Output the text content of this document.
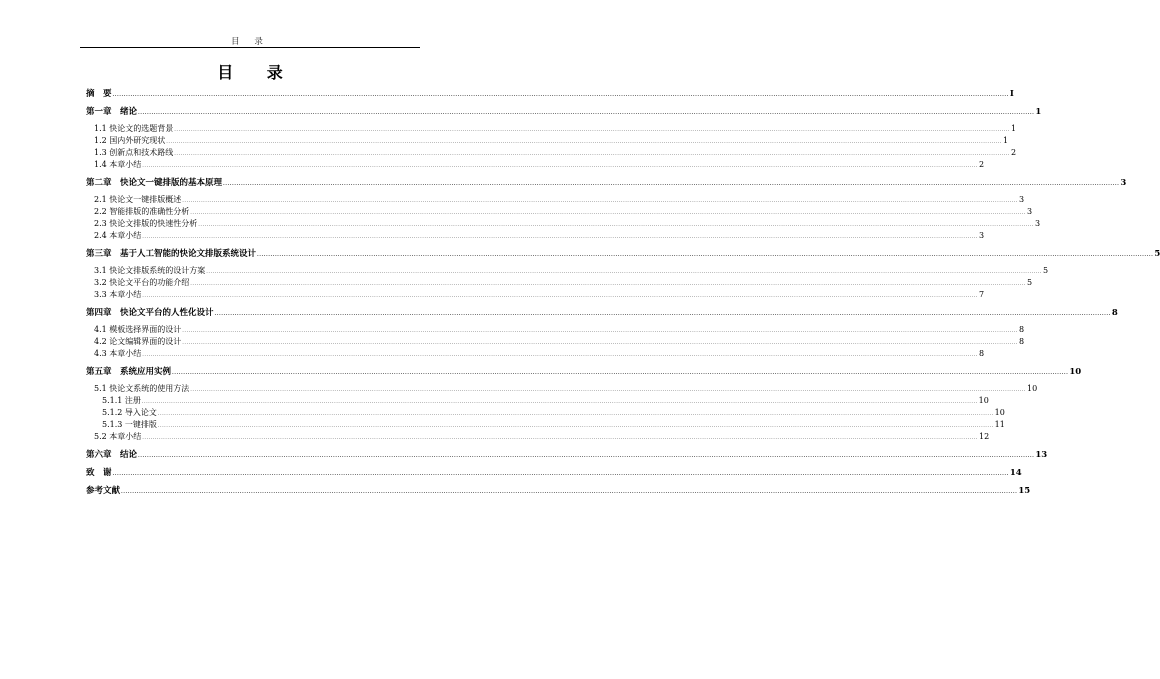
目 录
目 录
摘　要 ................................................................................................................................................................................................................................................................................................................................................................................................................ I
第一章　绪论 ................................................................................................................................................................................................................................................................................................................................................................................................................ 1
1.1 快论文的选题背景 ................................................................................................................................................................................................................................................................................................................................................................................................................ 1
1.2 国内外研究现状 ................................................................................................................................................................................................................................................................................................................................................................................................................ 1
1.3 创新点和技术路线 ................................................................................................................................................................................................................................................................................................................................................................................................................ 2
1.4 本章小结 ................................................................................................................................................................................................................................................................................................................................................................................................................ 2
第二章　快论文一键排版的基本原理 ................................................................................................................................................................................................................................................................................................................................................................................................................ 3
2.1 快论文一键排版概述 ................................................................................................................................................................................................................................................................................................................................................................................................................ 3
2.2 智能排版的准确性分析 ................................................................................................................................................................................................................................................................................................................................................................................................................ 3
2.3 快论文排版的快速性分析 ................................................................................................................................................................................................................................................................................................................................................................................................................ 3
2.4 本章小结 ................................................................................................................................................................................................................................................................................................................................................................................................................ 3
第三章　基于人工智能的快论文排版系统设计 ................................................................................................................................................................................................................................................................................................................................................................................................................ 5
3.1 快论文排版系统的设计方案 ................................................................................................................................................................................................................................................................................................................................................................................................................ 5
3.2 快论文平台的功能介绍 ................................................................................................................................................................................................................................................................................................................................................................................................................ 5
3.3 本章小结 ................................................................................................................................................................................................................................................................................................................................................................................................................ 7
第四章　快论文平台的人性化设计 ................................................................................................................................................................................................................................................................................................................................................................................................................ 8
4.1 模板选择界面的设计 ................................................................................................................................................................................................................................................................................................................................................................................................................ 8
4.2 论文编辑界面的设计 ................................................................................................................................................................................................................................................................................................................................................................................................................ 8
4.3 本章小结 ................................................................................................................................................................................................................................................................................................................................................................................................................ 8
第五章　系统应用实例 ................................................................................................................................................................................................................................................................................................................................................................................................................ 10
5.1 快论文系统的使用方法 ................................................................................................................................................................................................................................................................................................................................................................................................................ 10
5.1.1 注册 ................................................................................................................................................................................................................................................................................................................................................................................................................ 10
5.1.2 导入论文 ................................................................................................................................................................................................................................................................................................................................................................................................................ 10
5.1.3 一键排版 ................................................................................................................................................................................................................................................................................................................................................................................................................ 11
5.2 本章小结 ................................................................................................................................................................................................................................................................................................................................................................................................................ 12
第六章　结论 ................................................................................................................................................................................................................................................................................................................................................................................................................ 13
致　谢 ................................................................................................................................................................................................................................................................................................................................................................................................................ 14
参考文献 ................................................................................................................................................................................................................................................................................................................................................................................................................ 15
